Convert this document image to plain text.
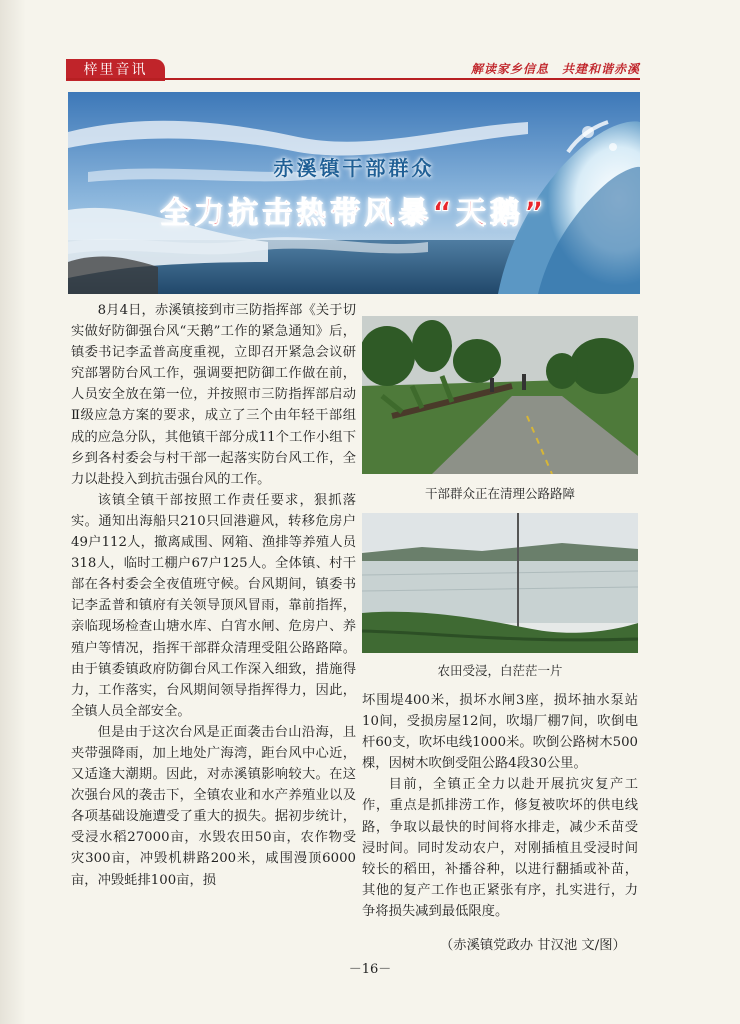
梓里音讯	解读家乡信息　共建和谐赤溪
赤溪镇干部群众
全力抗击热带风暴“天鹅”

8月4日，赤溪镇接到市三防指挥部《关于切实做好防御强台风“天鹅”工作的紧急通知》后，镇委书记李孟普高度重视，立即召开紧急会议研究部署防台风工作，强调要把防御工作做在前，人员安全放在第一位，并按照市三防指挥部启动Ⅱ级应急方案的要求，成立了三个由年轻干部组成的应急分队，其他镇干部分成11个工作小组下乡到各村委会与村干部一起落实防台风工作，全力以赴投入到抗击强台风的工作。

该镇全镇干部按照工作责任要求，狠抓落实。通知出海船只210只回港避风，转移危房户49户112人，撤离咸围、网箱、渔排等养殖人员318人，临时工棚户67户125人。全体镇、村干部在各村委会全夜值班守候。台风期间，镇委书记李孟普和镇府有关领导顶风冒雨，靠前指挥，亲临现场检查山塘水库、白宵水闸、危房户、养殖户等情况，指挥干部群众清理受阻公路路障。由于镇委镇政府防御台风工作深入细致，措施得力，工作落实，台风期间领导指挥得力，因此，全镇人员全部安全。

但是由于这次台风是正面袭击台山沿海，且夹带强降雨，加上地处广海湾，距台风中心近，又适逢大潮期。因此，对赤溪镇影响较大。在这次强台风的袭击下，全镇农业和水产养殖业以及各项基础设施遭受了重大的损失。据初步统计，受浸水稻27000亩，水毁农田50亩，农作物受灾300亩，冲毁机耕路200米，咸围漫顶6000亩，冲毁蚝排100亩，损

干部群众正在清理公路路障
农田受浸，白茫茫一片

坏围堤400米，损坏水闸3座，损坏抽水泵站10间，受损房屋12间，吹塌厂棚7间，吹倒电杆60支，吹坏电线1000米。吹倒公路树木500棵，因树木吹倒受阻公路4段30公里。

目前，全镇正全力以赴开展抗灾复产工作，重点是抓排涝工作，修复被吹坏的供电线路，争取以最快的时间将水排走，减少禾苗受浸时间。同时发动农户，对刚插植且受浸时间较长的稻田，补播谷种，以进行翻插或补苗，其他的复产工作也正紧张有序，扎实进行，力争将损失减到最低限度。

（赤溪镇党政办 甘汉池 文/图）
－16－
